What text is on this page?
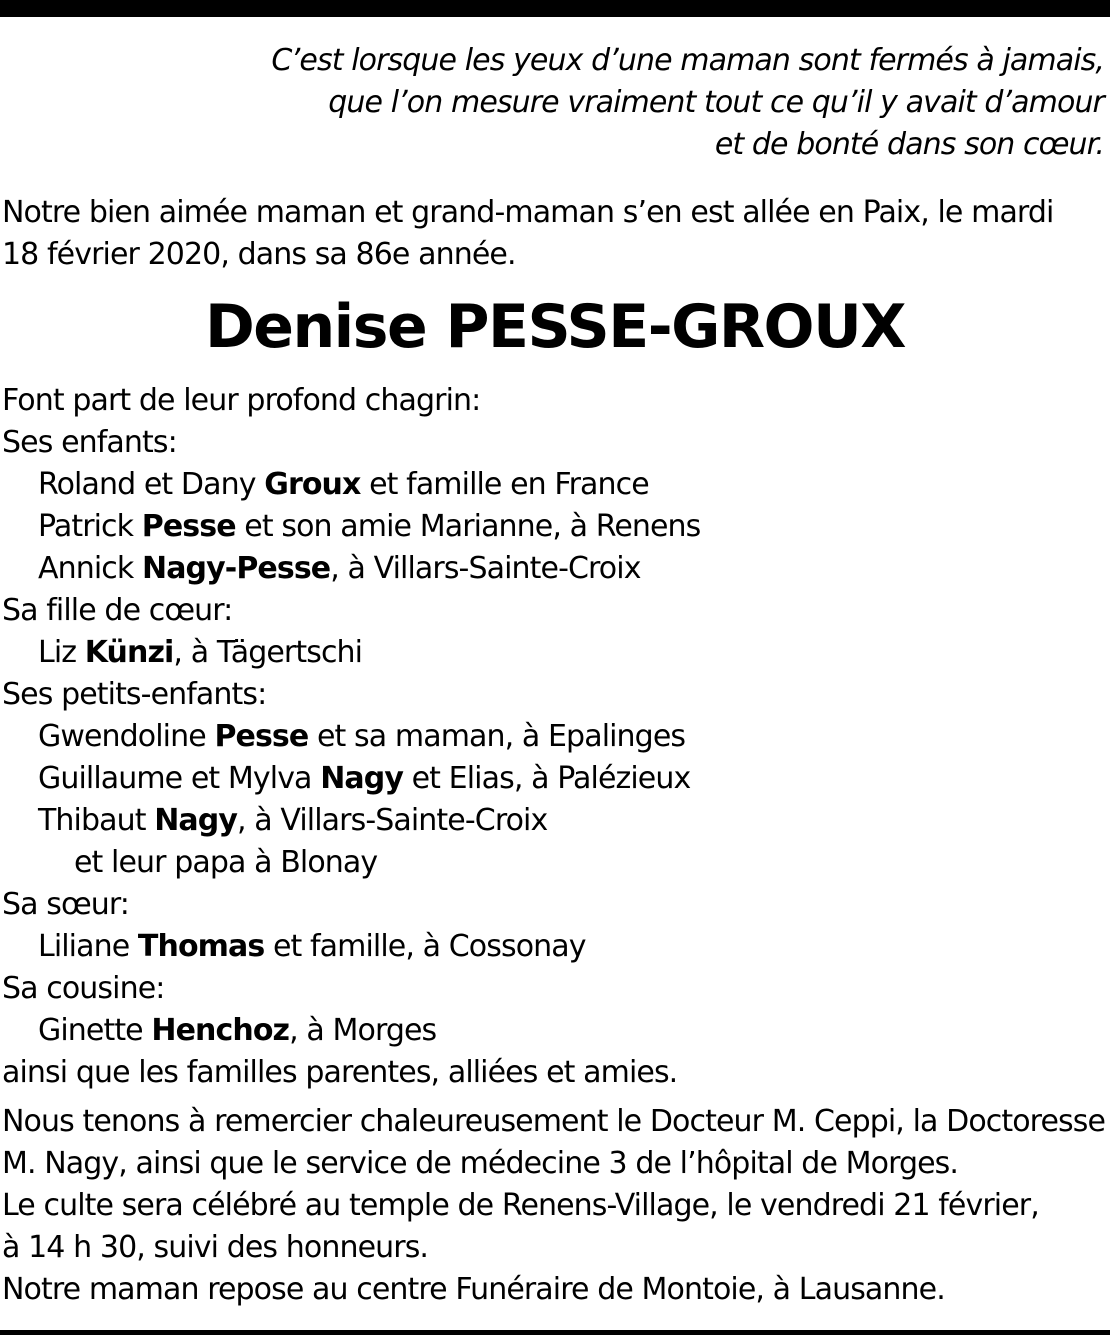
C’est lorsque les yeux d’une maman sont fermés à jamais,
que l’on mesure vraiment tout ce qu’il y avait d’amour
et de bonté dans son cœur.
Notre bien aimée maman et grand-maman s’en est allée en Paix, le mardi
18 février 2020, dans sa 86e année.
Denise PESSE-GROUX
Font part de leur profond chagrin:
Ses enfants:
Roland et Dany Groux et famille en France
Patrick Pesse et son amie Marianne, à Renens
Annick Nagy-Pesse, à Villars-Sainte-Croix
Sa fille de cœur:
Liz Künzi, à Tägertschi
Ses petits-enfants:
Gwendoline Pesse et sa maman, à Epalinges
Guillaume et Mylva Nagy et Elias, à Palézieux
Thibaut Nagy, à Villars-Sainte-Croix
et leur papa à Blonay
Sa sœur:
Liliane Thomas et famille, à Cossonay
Sa cousine:
Ginette Henchoz, à Morges
ainsi que les familles parentes, alliées et amies.
Nous tenons à remercier chaleureusement le Docteur M. Ceppi, la Doctoresse
M. Nagy, ainsi que le service de médecine 3 de l’hôpital de Morges.
Le culte sera célébré au temple de Renens-Village, le vendredi 21 février,
à 14 h 30, suivi des honneurs.
Notre maman repose au centre Funéraire de Montoie, à Lausanne.
